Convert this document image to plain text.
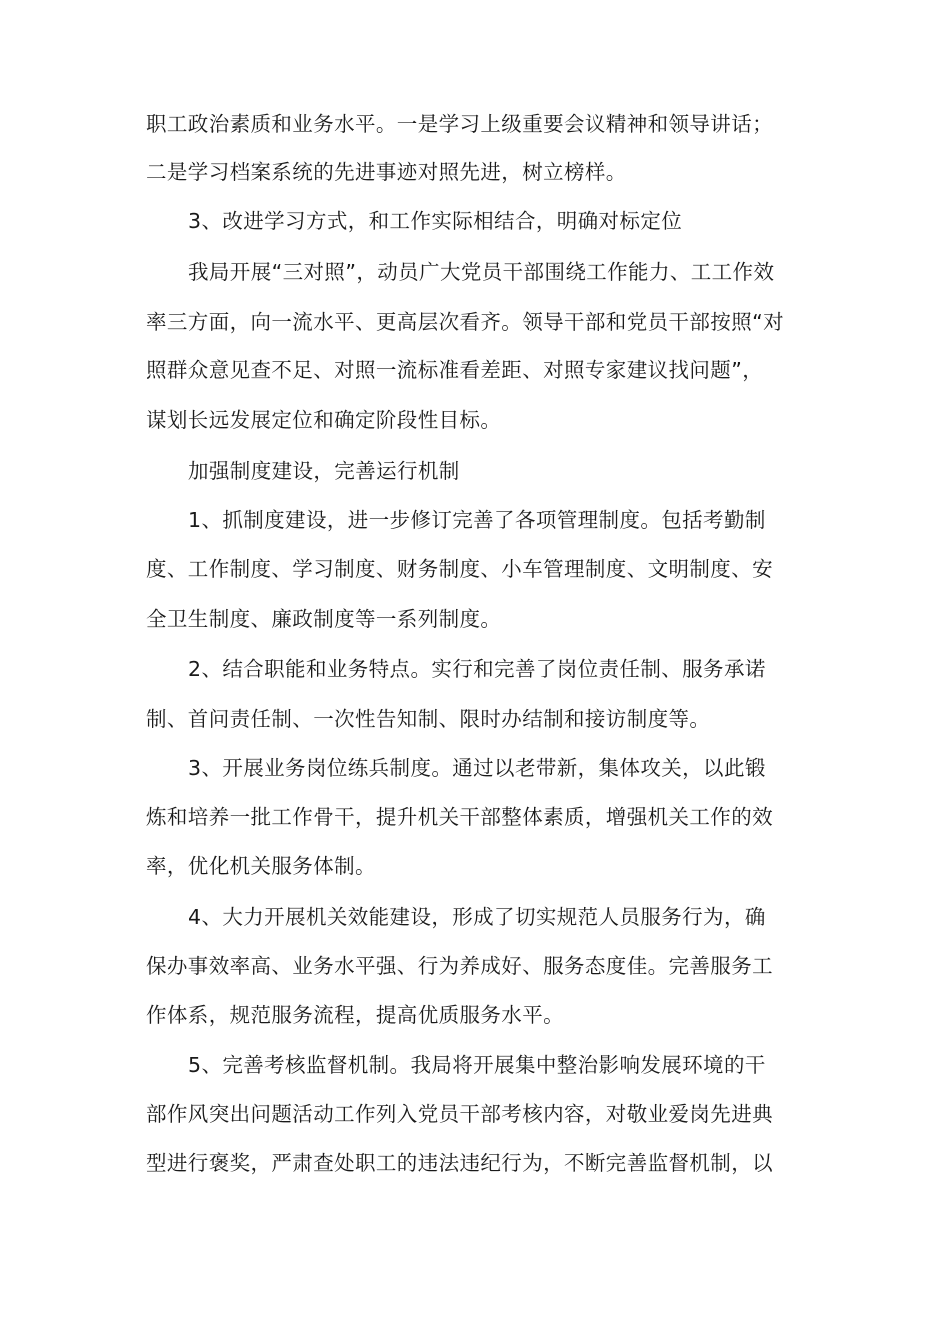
职工政治素质和业务水平。一是学习上级重要会议精神和领导讲话；
二是学习档案系统的先进事迹对照先进，树立榜样。
3、改进学习方式，和工作实际相结合，明确对标定位
我局开展“三对照”，动员广大党员干部围绕工作能力、工工作效
率三方面，向一流水平、更高层次看齐。领导干部和党员干部按照“对
照群众意见查不足、对照一流标准看差距、对照专家建议找问题”，
谋划长远发展定位和确定阶段性目标。
加强制度建设，完善运行机制
1、抓制度建设，进一步修订完善了各项管理制度。包括考勤制
度、工作制度、学习制度、财务制度、小车管理制度、文明制度、安
全卫生制度、廉政制度等一系列制度。
2、结合职能和业务特点。实行和完善了岗位责任制、服务承诺
制、首问责任制、一次性告知制、限时办结制和接访制度等。
3、开展业务岗位练兵制度。通过以老带新，集体攻关，以此锻
炼和培养一批工作骨干，提升机关干部整体素质，增强机关工作的效
率，优化机关服务体制。
4、大力开展机关效能建设，形成了切实规范人员服务行为，确
保办事效率高、业务水平强、行为养成好、服务态度佳。完善服务工
作体系，规范服务流程，提高优质服务水平。
5、完善考核监督机制。我局将开展集中整治影响发展环境的干
部作风突出问题活动工作列入党员干部考核内容，对敬业爱岗先进典
型进行褒奖，严肃查处职工的违法违纪行为，不断完善监督机制，以
